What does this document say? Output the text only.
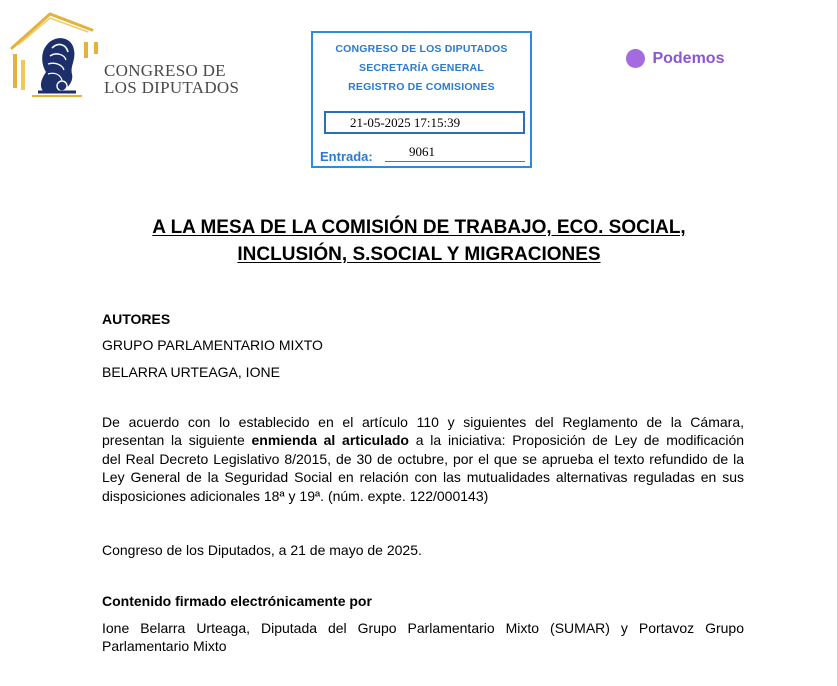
CONGRESO DE
LOS DIPUTADOS
CONGRESO DE LOS DIPUTADOS
SECRETARÍA GENERAL
REGISTRO DE COMISIONES
21-05-2025 17:15:39
Entrada:	9061
Podemos
A LA MESA DE LA COMISIÓN DE TRABAJO, ECO. SOCIAL,
INCLUSIÓN, S.SOCIAL Y MIGRACIONES
AUTORES
GRUPO PARLAMENTARIO MIXTO
BELARRA URTEAGA, IONE
De acuerdo con lo establecido en el artículo 110 y siguientes del Reglamento de la Cámara,
presentan la siguiente enmienda al articulado a la iniciativa: Proposición de Ley de modificación
del Real Decreto Legislativo 8/2015, de 30 de octubre, por el que se aprueba el texto refundido de la
Ley General de la Seguridad Social en relación con las mutualidades alternativas reguladas en sus
disposiciones adicionales 18ª y 19ª. (núm. expte. 122/000143)
Congreso de los Diputados, a 21 de mayo de 2025.
Contenido firmado electrónicamente por
Ione Belarra Urteaga, Diputada del Grupo Parlamentario Mixto (SUMAR) y Portavoz Grupo
Parlamentario Mixto
